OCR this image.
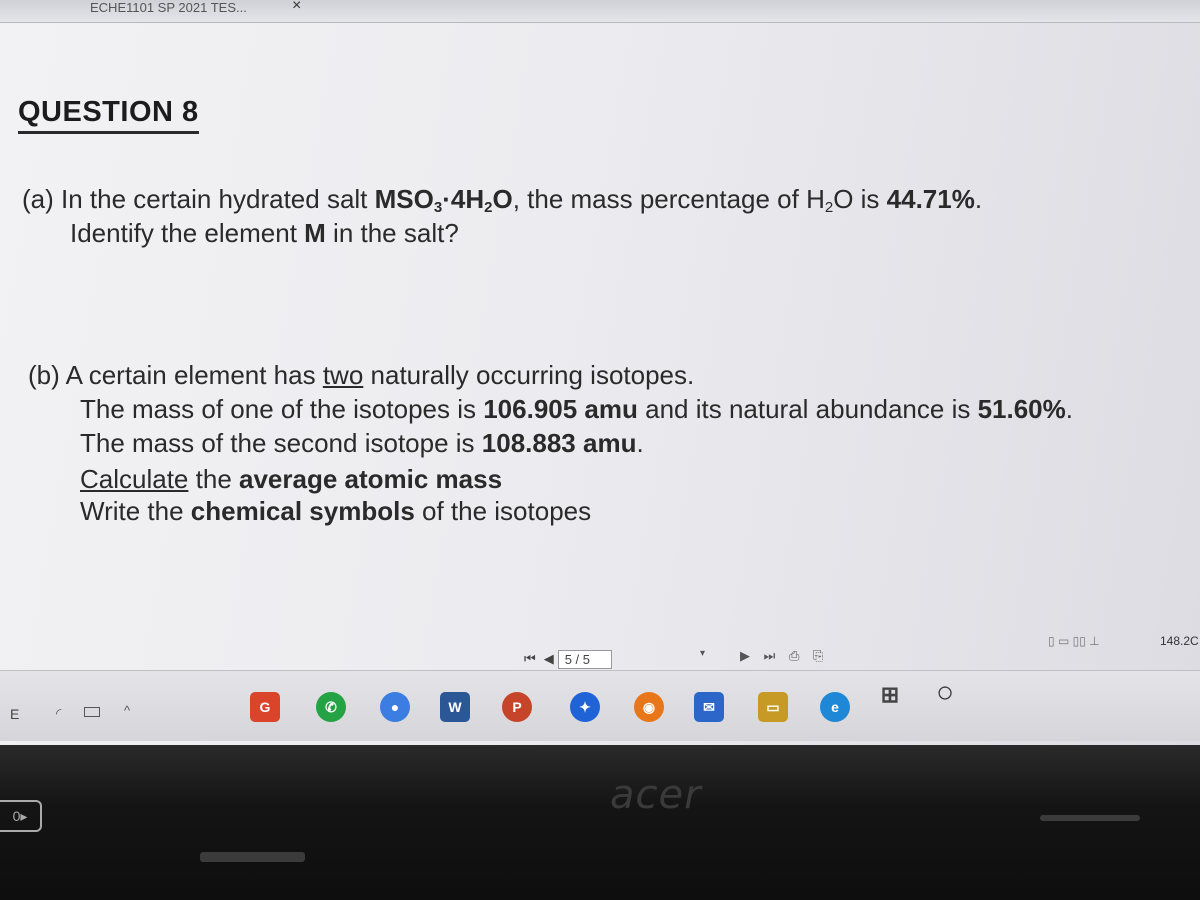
ECHE1101 SP 2021 TES...	×
QUESTION 8
(a) In the certain hydrated salt $MSO_3\cdot 4H_2O$, the mass percentage of $H_2O$ is 44.71%.
Identify the element M in the salt?
(b) A certain element has two naturally occurring isotopes.
The mass of one of the isotopes is 106.905 amu and its natural abundance is 51.60%.
The mass of the second isotope is 108.883 amu.
Calculate the average atomic mass
Write the chemical symbols of the isotopes
⏮ ◀ 5 / 5	▾	▶ ⏭ ⎙ ⎘
▯ ▭ ▯▯ ⊥	148.2C
E	◜	^	G	✆	●	W	P	✦	◉	✉	▭	e	⊞ ○
acer
0▸
